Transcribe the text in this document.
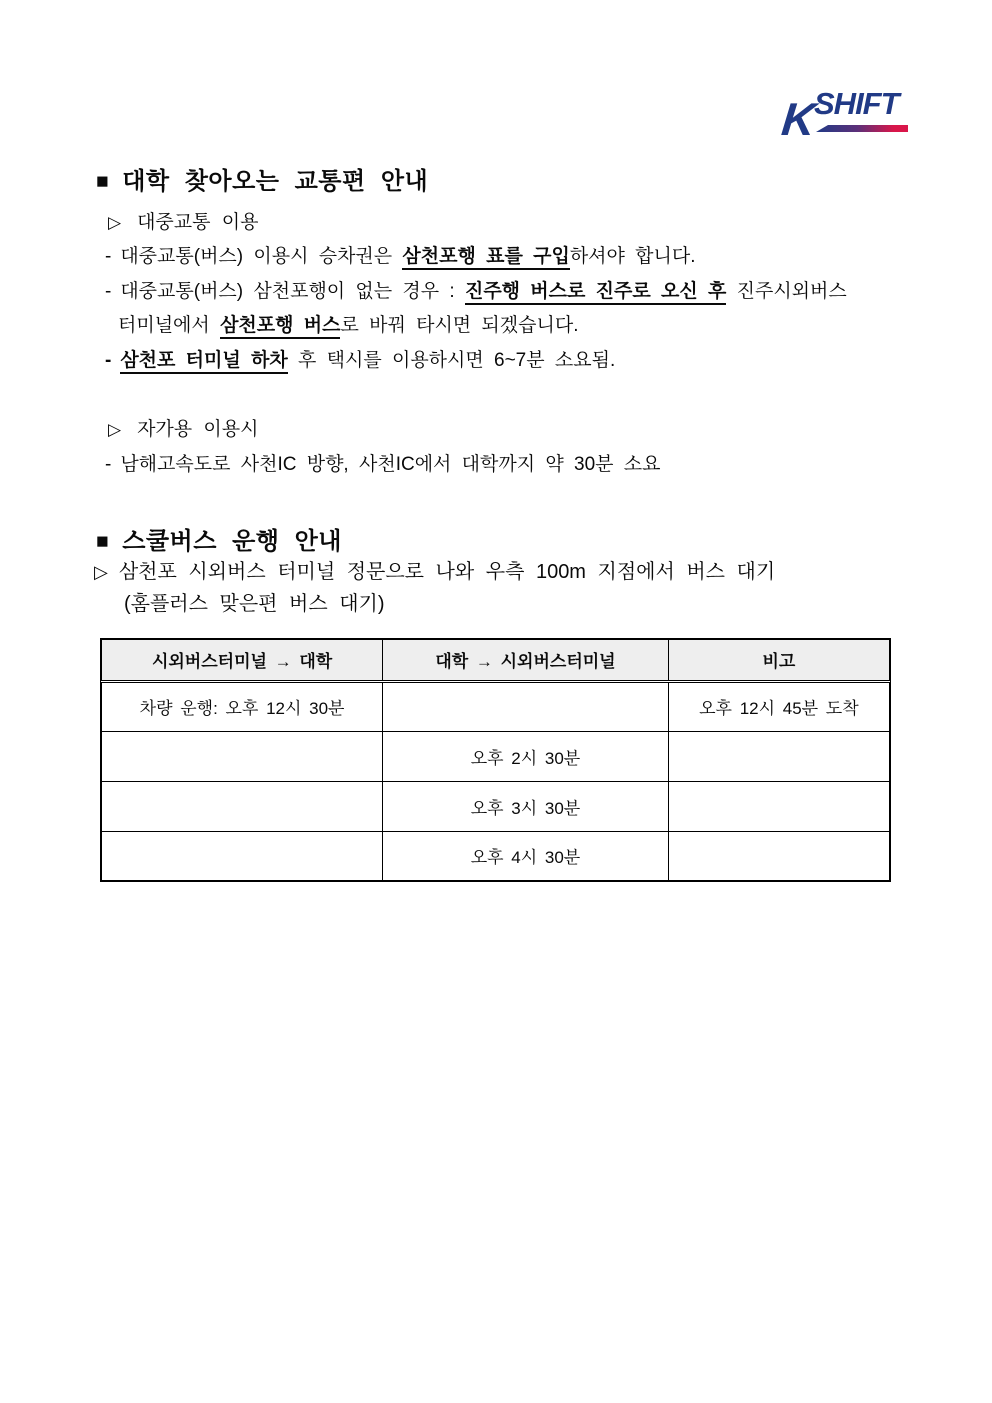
K
SHIFT
■ 대학 찾아오는 교통편 안내
▷ 대중교통 이용
- 대중교통(버스) 이용시 승차권은 삼천포행 표를 구입하셔야 합니다.
- 대중교통(버스) 삼천포행이 없는 경우 : 진주행 버스로 진주로 오신 후 진주시외버스
터미널에서 삼천포행 버스로 바꿔 타시면 되겠습니다.
- 삼천포 터미널 하차 후 택시를 이용하시면 6~7분 소요됨.
▷ 자가용 이용시
- 남해고속도로 사천IC 방향, 사천IC에서 대학까지 약 30분 소요
■ 스쿨버스 운행 안내
▷ 삼천포 시외버스 터미널 정문으로 나와 우측 100m 지점에서 버스 대기
(홈플러스 맞은편 버스 대기)
시외버스터미널 → 대학	대학 → 시외버스터미널	비고
차량 운행: 오후 12시 30분		오후 12시 45분 도착
	오후 2시 30분	
	오후 3시 30분	
	오후 4시 30분	
